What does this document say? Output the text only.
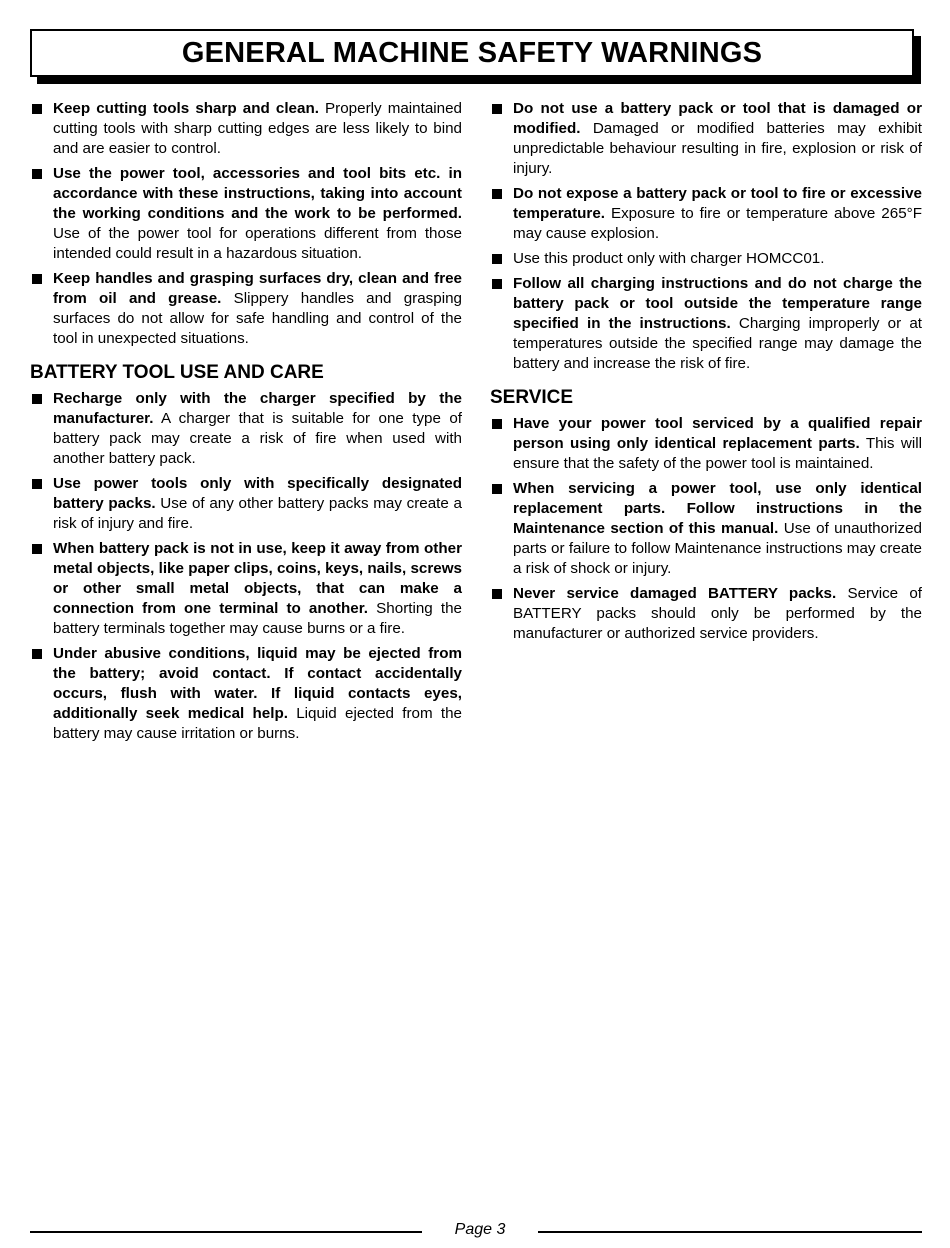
GENERAL MACHINE SAFETY WARNINGS
Keep cutting tools sharp and clean. Properly maintained cutting tools with sharp cutting edges are less likely to bind and are easier to control.
Use the power tool, accessories and tool bits etc. in accordance with these instructions, taking into account the working conditions and the work to be performed. Use of the power tool for operations different from those intended could result in a hazardous situation.
Keep handles and grasping surfaces dry, clean and free from oil and grease. Slippery handles and grasping surfaces do not allow for safe handling and control of the tool in unexpected situations.
BATTERY TOOL USE AND CARE
Recharge only with the charger specified by the manufacturer. A charger that is suitable for one type of battery pack may create a risk of fire when used with another battery pack.
Use power tools only with specifically designated battery packs. Use of any other battery packs may create a risk of injury and fire.
When battery pack is not in use, keep it away from other metal objects, like paper clips, coins, keys, nails, screws or other small metal objects, that can make a connection from one terminal to another. Shorting the battery terminals together may cause burns or a fire.
Under abusive conditions, liquid may be ejected from the battery; avoid contact. If contact accidentally occurs, flush with water. If liquid contacts eyes, additionally seek medical help. Liquid ejected from the battery may cause irritation or burns.
Do not use a battery pack or tool that is damaged or modified. Damaged or modified batteries may exhibit unpredictable behaviour resulting in fire, explosion or risk of injury.
Do not expose a battery pack or tool to fire or excessive temperature. Exposure to fire or temperature above 265°F may cause explosion.
Use this product only with charger HOMCC01.
Follow all charging instructions and do not charge the battery pack or tool outside the temperature range specified in the instructions. Charging improperly or at temperatures outside the specified range may damage the battery and increase the risk of fire.
SERVICE
Have your power tool serviced by a qualified repair person using only identical replacement parts. This will ensure that the safety of the power tool is maintained.
When servicing a power tool, use only identical replacement parts. Follow instructions in the Maintenance section of this manual. Use of unauthorized parts or failure to follow Maintenance instructions may create a risk of shock or injury.
Never service damaged BATTERY packs. Service of BATTERY packs should only be performed by the manufacturer or authorized service providers.
Page 3
